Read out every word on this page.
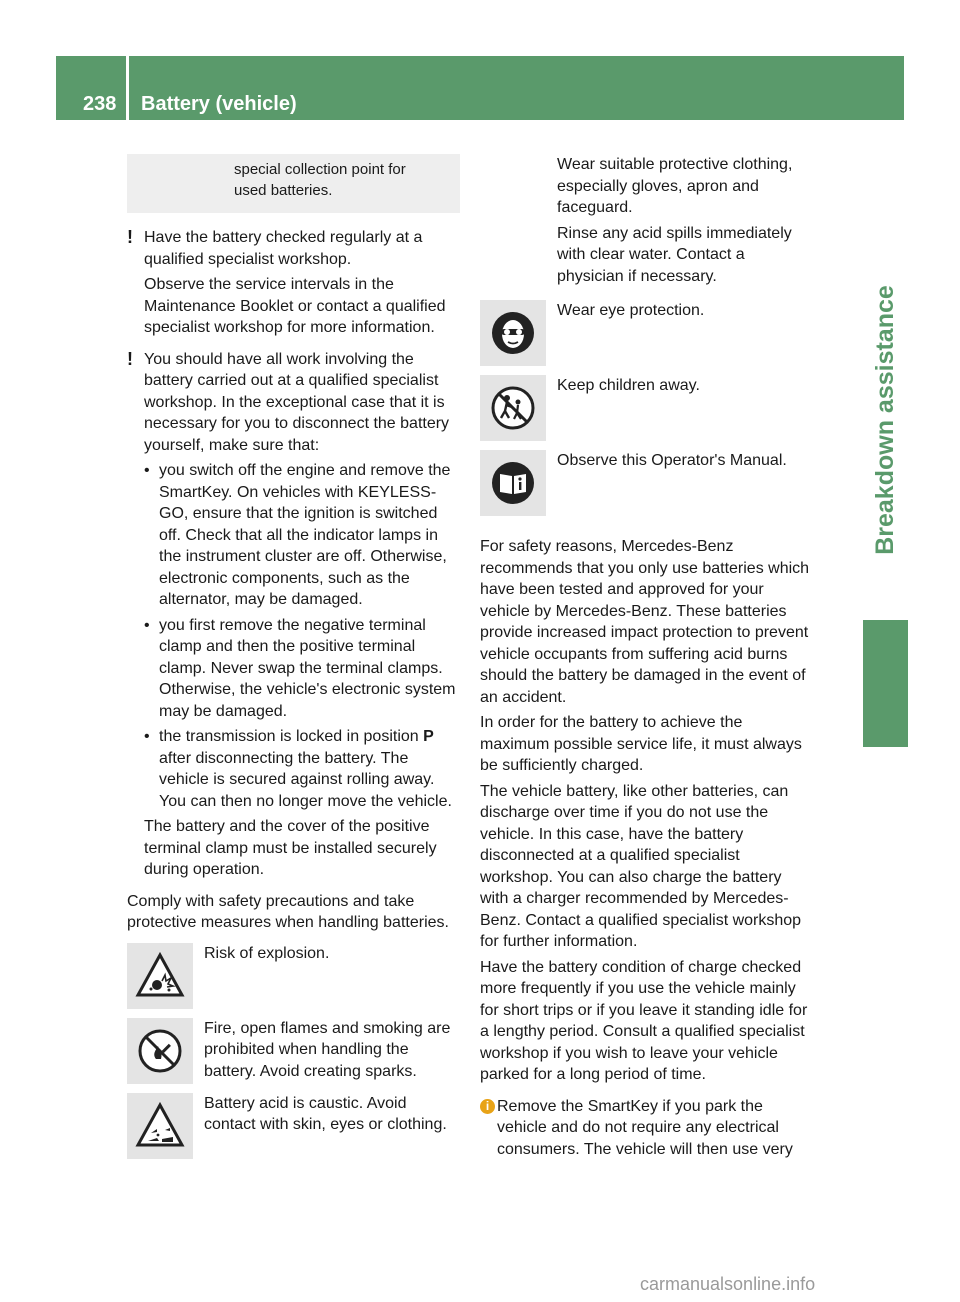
238 Battery (vehicle)
Breakdown assistance
special collection point for
used batteries.
! Have the battery checked regularly at a qualified specialist workshop.

Observe the service intervals in the Maintenance Booklet or contact a qualified specialist workshop for more information.

! You should have all work involving the battery carried out at a qualified specialist workshop. In the exceptional case that it is necessary for you to disconnect the battery yourself, make sure that:

• you switch off the engine and remove the SmartKey. On vehicles with KEYLESS-GO, ensure that the ignition is switched off. Check that all the indicator lamps in the instrument cluster are off. Otherwise, electronic components, such as the alternator, may be damaged.
• you first remove the negative terminal clamp and then the positive terminal clamp. Never swap the terminal clamps. Otherwise, the vehicle's electronic system may be damaged.
• the transmission is locked in position P after disconnecting the battery. The vehicle is secured against rolling away. You can then no longer move the vehicle.

The battery and the cover of the positive terminal clamp must be installed securely during operation.

Comply with safety precautions and take protective measures when handling batteries.

Risk of explosion.
Fire, open flames and smoking are prohibited when handling the battery. Avoid creating sparks.
Battery acid is caustic. Avoid contact with skin, eyes or clothing.

Wear suitable protective clothing, especially gloves, apron and faceguard.

Rinse any acid spills immediately with clear water. Contact a physician if necessary.

Wear eye protection.
Keep children away.
Observe this Operator's Manual.

For safety reasons, Mercedes-Benz recommends that you only use batteries which have been tested and approved for your vehicle by Mercedes-Benz. These batteries provide increased impact protection to prevent vehicle occupants from suffering acid burns should the battery be damaged in the event of an accident.

In order for the battery to achieve the maximum possible service life, it must always be sufficiently charged.

The vehicle battery, like other batteries, can discharge over time if you do not use the vehicle. In this case, have the battery disconnected at a qualified specialist workshop. You can also charge the battery with a charger recommended by Mercedes-Benz. Contact a qualified specialist workshop for further information.

Have the battery condition of charge checked more frequently if you use the vehicle mainly for short trips or if you leave it standing idle for a lengthy period. Consult a qualified specialist workshop if you wish to leave your vehicle parked for a long period of time.

i Remove the SmartKey if you park the vehicle and do not require any electrical consumers. The vehicle will then use very

carmanualsonline.info
